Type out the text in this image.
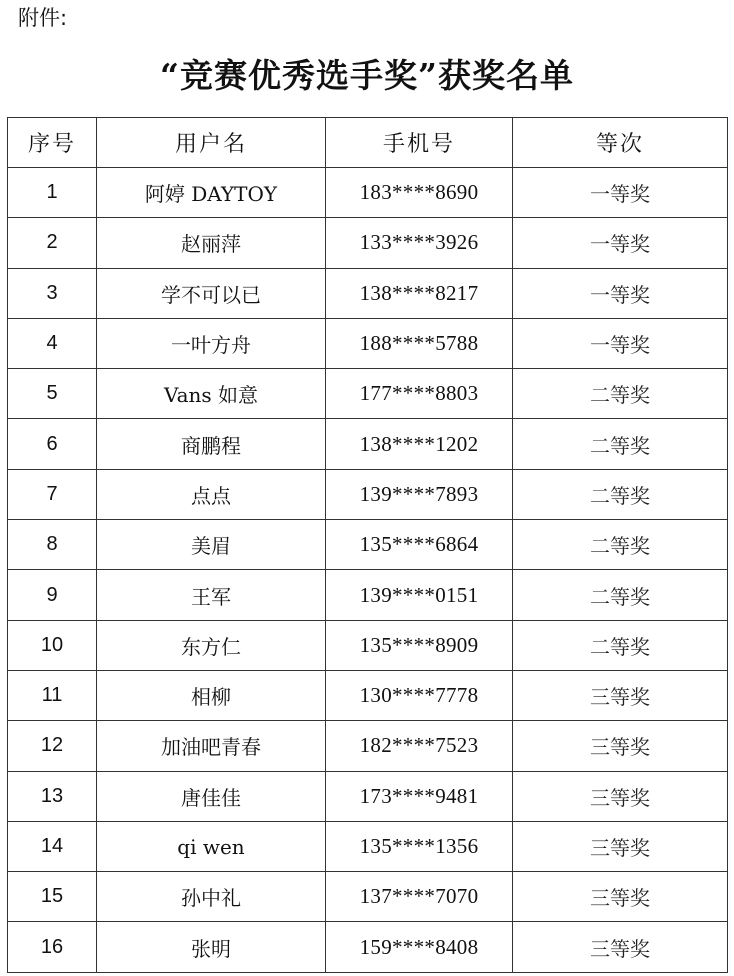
附件:
“竞赛优秀选手奖”获奖名单
序号	用户名	手机号	等次
1	阿婷 DAYTOY	183****8690	一等奖
2	赵丽萍	133****3926	一等奖
3	学不可以已	138****8217	一等奖
4	一叶方舟	188****5788	一等奖
5	Vans 如意	177****8803	二等奖
6	商鹏程	138****1202	二等奖
7	点点	139****7893	二等奖
8	美眉	135****6864	二等奖
9	王军	139****0151	二等奖
10	东方仁	135****8909	二等奖
11	相柳	130****7778	三等奖
12	加油吧青春	182****7523	三等奖
13	唐佳佳	173****9481	三等奖
14	qi wen	135****1356	三等奖
15	孙中礼	137****7070	三等奖
16	张明	159****8408	三等奖
